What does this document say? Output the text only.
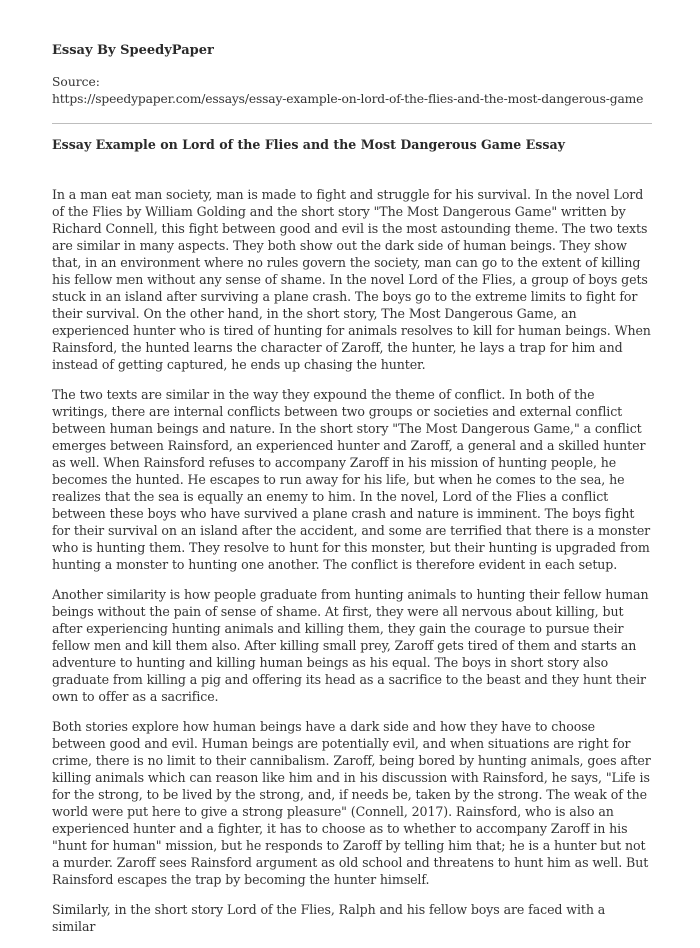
Essay By SpeedyPaper
Source:
https://speedypaper.com/essays/essay-example-on-lord-of-the-flies-and-the-most-dangerous-game
Essay Example on Lord of the Flies and the Most Dangerous Game Essay

In a man eat man society, man is made to fight and struggle for his survival. In the novel Lord of the Flies by William Golding and the short story "The Most Dangerous Game" written by Richard Connell, this fight between good and evil is the most astounding theme. The two texts are similar in many aspects. They both show out the dark side of human beings. They show that, in an environment where no rules govern the society, man can go to the extent of killing his fellow men without any sense of shame. In the novel Lord of the Flies, a group of boys gets stuck in an island after surviving a plane crash. The boys go to the extreme limits to fight for their survival. On the other hand, in the short story, The Most Dangerous Game, an experienced hunter who is tired of hunting for animals resolves to kill for human beings. When Rainsford, the hunted learns the character of Zaroff, the hunter, he lays a trap for him and instead of getting captured, he ends up chasing the hunter.

The two texts are similar in the way they expound the theme of conflict. In both of the writings, there are internal conflicts between two groups or societies and external conflict between human beings and nature. In the short story "The Most Dangerous Game," a conflict emerges between Rainsford, an experienced hunter and Zaroff, a general and a skilled hunter as well. When Rainsford refuses to accompany Zaroff in his mission of hunting people, he becomes the hunted. He escapes to run away for his life, but when he comes to the sea, he realizes that the sea is equally an enemy to him. In the novel, Lord of the Flies a conflict between these boys who have survived a plane crash and nature is imminent. The boys fight for their survival on an island after the accident, and some are terrified that there is a monster who is hunting them. They resolve to hunt for this monster, but their hunting is upgraded from hunting a monster to hunting one another. The conflict is therefore evident in each setup.

Another similarity is how people graduate from hunting animals to hunting their fellow human beings without the pain of sense of shame. At first, they were all nervous about killing, but after experiencing hunting animals and killing them, they gain the courage to pursue their fellow men and kill them also. After killing small prey, Zaroff gets tired of them and starts an adventure to hunting and killing human beings as his equal. The boys in short story also graduate from killing a pig and offering its head as a sacrifice to the beast and they hunt their own to offer as a sacrifice.

Both stories explore how human beings have a dark side and how they have to choose between good and evil. Human beings are potentially evil, and when situations are right for crime, there is no limit to their cannibalism. Zaroff, being bored by hunting animals, goes after killing animals which can reason like him and in his discussion with Rainsford, he says, "Life is for the strong, to be lived by the strong, and, if needs be, taken by the strong. The weak of the world were put here to give a strong pleasure" (Connell, 2017). Rainsford, who is also an experienced hunter and a fighter, it has to choose as to whether to accompany Zaroff in his "hunt for human" mission, but he responds to Zaroff by telling him that; he is a hunter but not a murder. Zaroff sees Rainsford argument as old school and threatens to hunt him as well. But Rainsford escapes the trap by becoming the hunter himself.

Similarly, in the short story Lord of the Flies, Ralph and his fellow boys are faced with a similar
